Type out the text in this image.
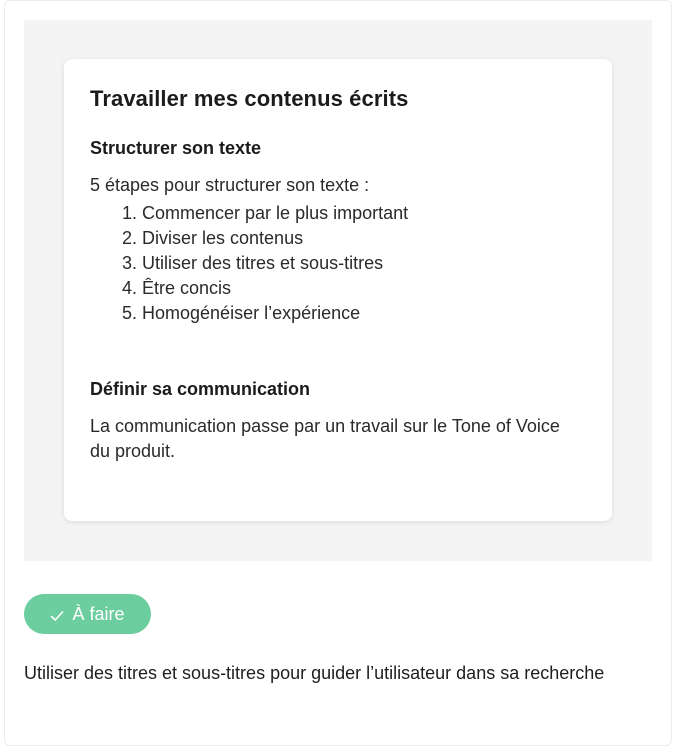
Travailler mes contenus écrits
Structurer son texte

5 étapes pour structurer son texte :

1. Commencer par le plus important
2. Diviser les contenus
3. Utiliser des titres et sous-titres
4. Être concis
5. Homogénéiser l’expérience
Définir sa communication

La communication passe par un travail sur le Tone of Voice du produit.

À faire

Utiliser des titres et sous-titres pour guider l’utilisateur dans sa recherche
